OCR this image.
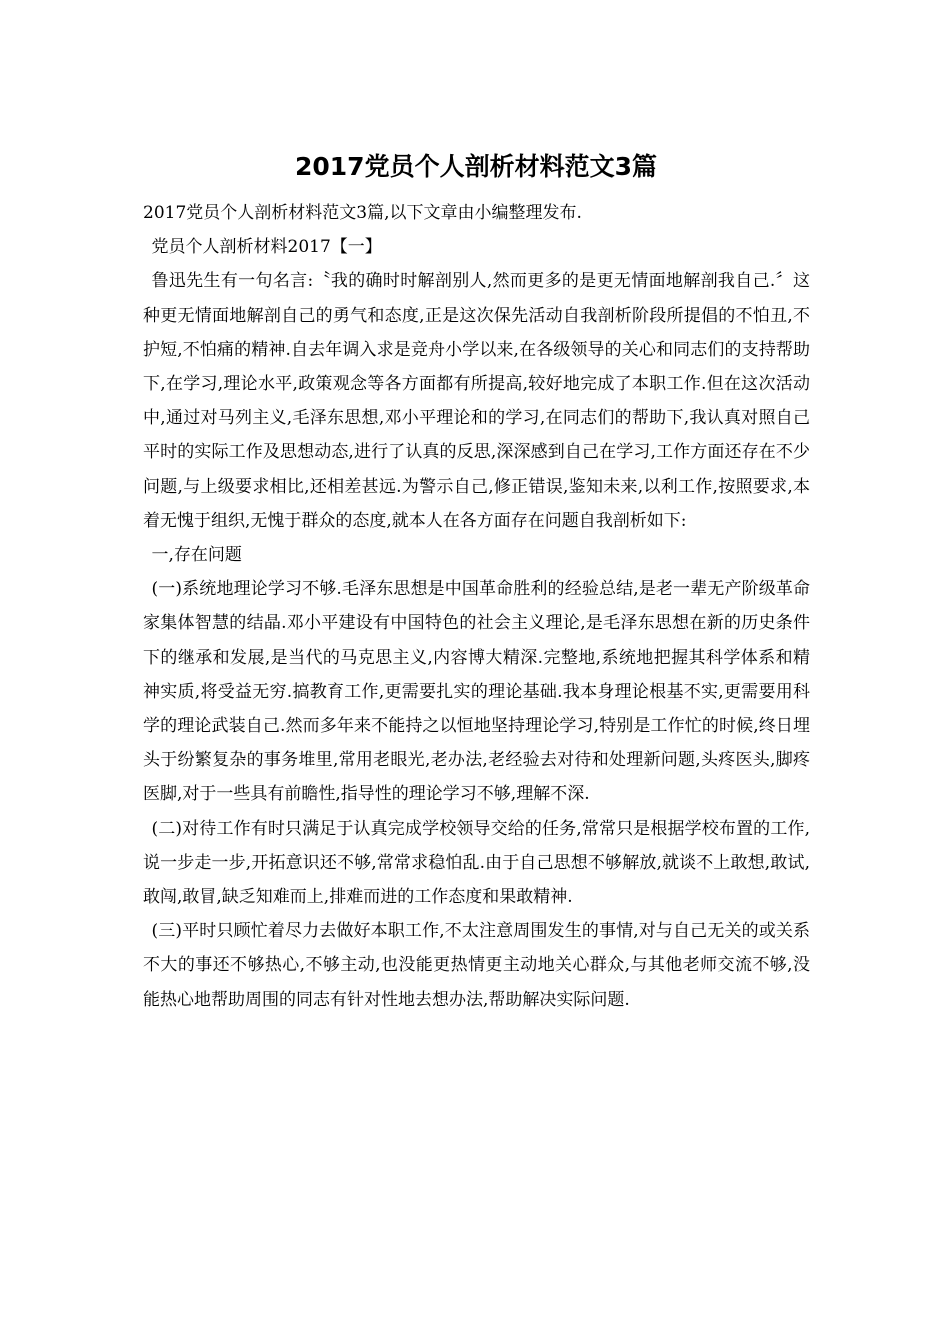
2017党员个人剖析材料范文3篇

2017党员个人剖析材料范文3篇,以下文章由小编整理发布.

党员个人剖析材料2017【一】

鲁迅先生有一句名言:〝我的确时时解剖别人,然而更多的是更无情面地解剖我自己.〞这种更无情面地解剖自己的勇气和态度,正是这次保先活动自我剖析阶段所提倡的不怕丑,不护短,不怕痛的精神.自去年调入求是竞舟小学以来,在各级领导的关心和同志们的支持帮助下,在学习,理论水平,政策观念等各方面都有所提高,较好地完成了本职工作.但在这次活动中,通过对马列主义,毛泽东思想,邓小平理论和的学习,在同志们的帮助下,我认真对照自己平时的实际工作及思想动态,进行了认真的反思,深深感到自己在学习,工作方面还存在不少问题,与上级要求相比,还相差甚远.为警示自己,修正错误,鉴知未来,以利工作,按照要求,本着无愧于组织,无愧于群众的态度,就本人在各方面存在问题自我剖析如下:

一,存在问题

(一)系统地理论学习不够.毛泽东思想是中国革命胜利的经验总结,是老一辈无产阶级革命家集体智慧的结晶.邓小平建设有中国特色的社会主义理论,是毛泽东思想在新的历史条件下的继承和发展,是当代的马克思主义,内容博大精深.完整地,系统地把握其科学体系和精神实质,将受益无穷.搞教育工作,更需要扎实的理论基础.我本身理论根基不实,更需要用科学的理论武装自己.然而多年来不能持之以恒地坚持理论学习,特别是工作忙的时候,终日埋头于纷繁复杂的事务堆里,常用老眼光,老办法,老经验去对待和处理新问题,头疼医头,脚疼医脚,对于一些具有前瞻性,指导性的理论学习不够,理解不深.

(二)对待工作有时只满足于认真完成学校领导交给的任务,常常只是根据学校布置的工作,说一步走一步,开拓意识还不够,常常求稳怕乱.由于自己思想不够解放,就谈不上敢想,敢试,敢闯,敢冒,缺乏知难而上,排难而进的工作态度和果敢精神.

(三)平时只顾忙着尽力去做好本职工作,不太注意周围发生的事情,对与自己无关的或关系不大的事还不够热心,不够主动,也没能更热情更主动地关心群众,与其他老师交流不够,没能热心地帮助周围的同志有针对性地去想办法,帮助解决实际问题.
